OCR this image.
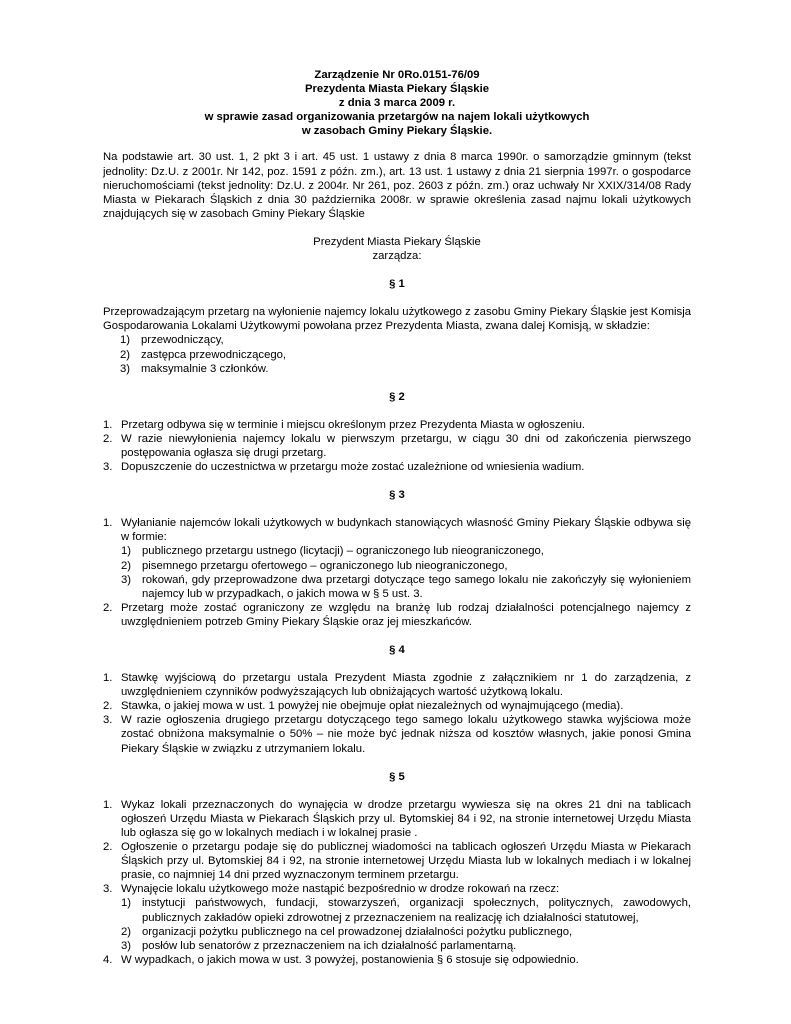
Zarządzenie Nr 0Ro.0151-76/09
Prezydenta Miasta Piekary Śląskie
z dnia 3 marca 2009 r.
w sprawie zasad organizowania przetargów na najem lokali użytkowych
w zasobach Gminy Piekary Śląskie.

Na podstawie art. 30 ust. 1, 2 pkt 3 i art. 45 ust. 1 ustawy z dnia 8 marca 1990r. o samorządzie gminnym (tekst jednolity: Dz.U. z 2001r. Nr 142, poz. 1591 z późn. zm.), art. 13 ust. 1 ustawy z dnia 21 sierpnia 1997r. o gospodarce nieruchomościami (tekst jednolity: Dz.U. z 2004r. Nr 261, poz. 2603 z późn. zm.) oraz uchwały Nr XXIX/314/08 Rady Miasta w Piekarach Śląskich z dnia 30 października 2008r. w sprawie określenia zasad najmu lokali użytkowych znajdujących się w zasobach Gminy Piekary Śląskie

Prezydent Miasta Piekary Śląskie
zarządza:
§ 1

Przeprowadzającym przetarg na wyłonienie najemcy lokalu użytkowego z zasobu Gminy Piekary Śląskie jest Komisja Gospodarowania Lokalami Użytkowymi powołana przez Prezydenta Miasta, zwana dalej Komisją, w składzie:

1) przewodniczący,
2) zastępca przewodniczącego,
3) maksymalnie 3 członków.
§ 2
1. Przetarg odbywa się w terminie i miejscu określonym przez Prezydenta Miasta w ogłoszeniu.
2. W razie niewyłonienia najemcy lokalu w pierwszym przetargu, w ciągu 30 dni od zakończenia pierwszego postępowania ogłasza się drugi przetarg.
3. Dopuszczenie do uczestnictwa w przetargu może zostać uzależnione od wniesienia wadium.
§ 3
1. Wyłanianie najemców lokali użytkowych w budynkach stanowiących własność Gminy Piekary Śląskie odbywa się w formie:
1) publicznego przetargu ustnego (licytacji) – ograniczonego lub nieograniczonego,
2) pisemnego przetargu ofertowego – ograniczonego lub nieograniczonego,
3) rokowań, gdy przeprowadzone dwa przetargi dotyczące tego samego lokalu nie zakończyły się wyłonieniem najemcy lub w przypadkach, o jakich mowa w § 5 ust. 3.
2. Przetarg może zostać ograniczony ze względu na branżę lub rodzaj działalności potencjalnego najemcy z uwzględnieniem potrzeb Gminy Piekary Śląskie oraz jej mieszkańców.
§ 4
1. Stawkę wyjściową do przetargu ustala Prezydent Miasta zgodnie z załącznikiem nr 1 do zarządzenia, z uwzględnieniem czynników podwyższających lub obniżających wartość użytkową lokalu.
2. Stawka, o jakiej mowa w ust. 1 powyżej nie obejmuje opłat niezależnych od wynajmującego (media).
3. W razie ogłoszenia drugiego przetargu dotyczącego tego samego lokalu użytkowego stawka wyjściowa może zostać obniżona maksymalnie o 50% – nie może być jednak niższa od kosztów własnych, jakie ponosi Gmina Piekary Śląskie w związku z utrzymaniem lokalu.
§ 5
1. Wykaz lokali przeznaczonych do wynajęcia w drodze przetargu wywiesza się na okres 21 dni na tablicach ogłoszeń Urzędu Miasta w Piekarach Śląskich przy ul. Bytomskiej 84 i 92, na stronie internetowej Urzędu Miasta lub ogłasza się go w lokalnych mediach i w lokalnej prasie .
2. Ogłoszenie o przetargu podaje się do publicznej wiadomości na tablicach ogłoszeń Urzędu Miasta w Piekarach Śląskich przy ul. Bytomskiej 84 i 92, na stronie internetowej Urzędu Miasta lub w lokalnych mediach i w lokalnej prasie, co najmniej 14 dni przed wyznaczonym terminem przetargu.
3. Wynajęcie lokalu użytkowego może nastąpić bezpośrednio w drodze rokowań na rzecz:
1) instytucji państwowych, fundacji, stowarzyszeń, organizacji społecznych, politycznych, zawodowych, publicznych zakładów opieki zdrowotnej z przeznaczeniem na realizację ich działalności statutowej,
2) organizacji pożytku publicznego na cel prowadzonej działalności pożytku publicznego,
3) posłów lub senatorów z przeznaczeniem na ich działalność parlamentarną.
4. W wypadkach, o jakich mowa w ust. 3 powyżej, postanowienia § 6 stosuje się odpowiednio.
